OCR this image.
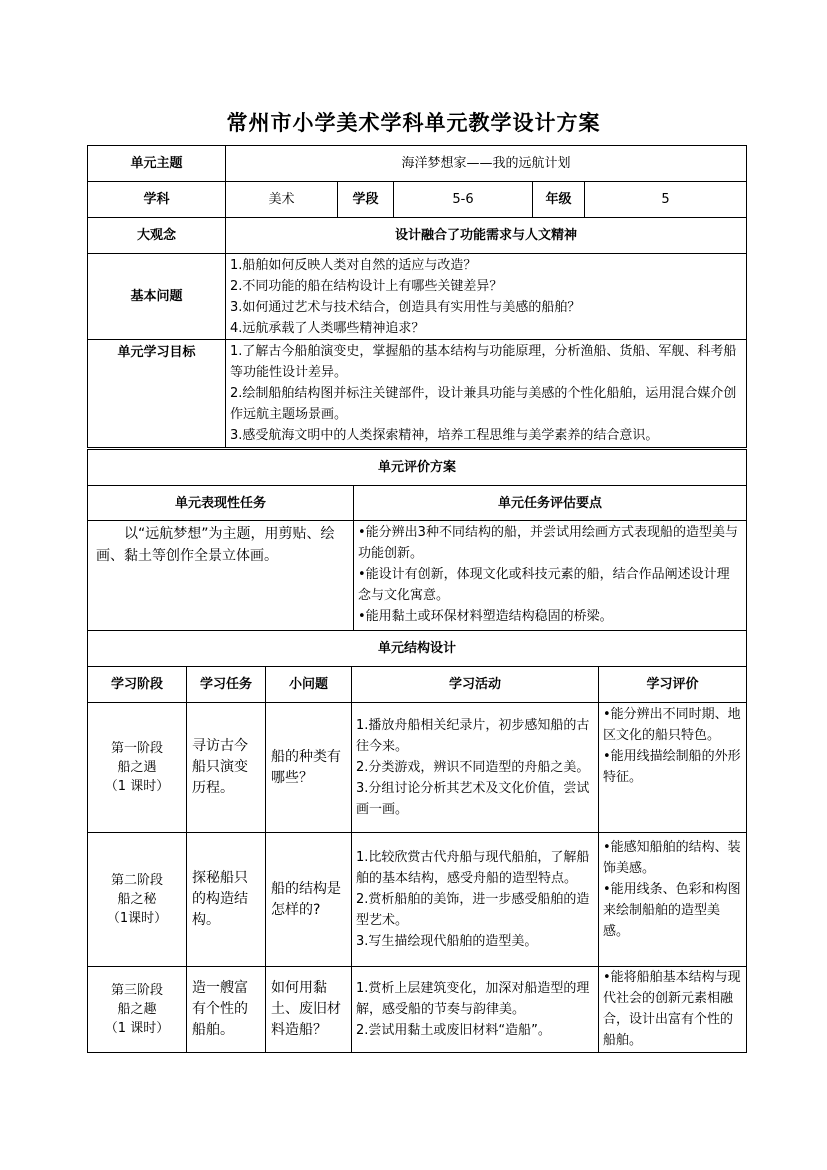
常州市小学美术学科单元教学设计方案
单元主题	海洋梦想家——我的远航计划				
学科	美术	学段	5-6	年级	5
大观念	设计融合了功能需求与人文精神				
基本问题	1.船舶如何反映人类对自然的适应与改造？
2.不同功能的船在结构设计上有哪些关键差异？
3.如何通过艺术与技术结合，创造具有实用性与美感的船舶？
4.远航承载了人类哪些精神追求？				

单元学习目标	1.了解古今船舶演变史，掌握船的基本结构与功能原理，分析渔船、货船、军舰、科考船等功能性设计差异。
2.绘制船舶结构图并标注关键部件，设计兼具功能与美感的个性化船舶，运用混合媒介创作远航主题场景画。
3.感受航海文明中的人类探索精神，培养工程思维与美学素养的结合意识。				
单元评价方案	
单元表现性任务	单元任务评估要点
以“远航梦想”为主题，用剪贴、绘画、黏土等创作全景立体画。	•能分辨出3种不同结构的船，并尝试用绘画方式表现船的造型美与功能创新。
•能设计有创新，体现文化或科技元素的船，结合作品阐述设计理念与文化寓意。
•能用黏土或环保材料塑造结构稳固的桥梁。
单元结构设计				
学习阶段	学习任务	小问题	学习活动	学习评价

第一阶段
船之遇
（1 课时）	寻访古今船只演变历程。	船的种类有哪些？	1.播放舟船相关纪录片，初步感知船的古往今来。
2.分类游戏，辨识不同造型的舟船之美。
3.分组讨论分析其艺术及文化价值，尝试画一画。	•能分辨出不同时期、地区文化的船只特色。
•能用线描绘制船的外形特征。

第二阶段
船之秘
（1课时）	探秘船只的构造结构。	船的结构是怎样的?	1.比较欣赏古代舟船与现代船舶，了解船舶的基本结构，感受舟船的造型特点。
2.赏析船舶的美饰，进一步感受船舶的造型艺术。
3.写生描绘现代船舶的造型美。	•能感知船舶的结构、装饰美感。
•能用线条、色彩和构图来绘制船舶的造型美感。

第三阶段
船之趣
（1 课时）	造一艘富有个性的船舶。	如何用黏土、废旧材料造船？	1.赏析上层建筑变化，加深对船造型的理解，感受船的节奏与韵律美。
2.尝试用黏土或废旧材料“造船”。	•能将船舶基本结构与现代社会的创新元素相融合，设计出富有个性的船舶。
